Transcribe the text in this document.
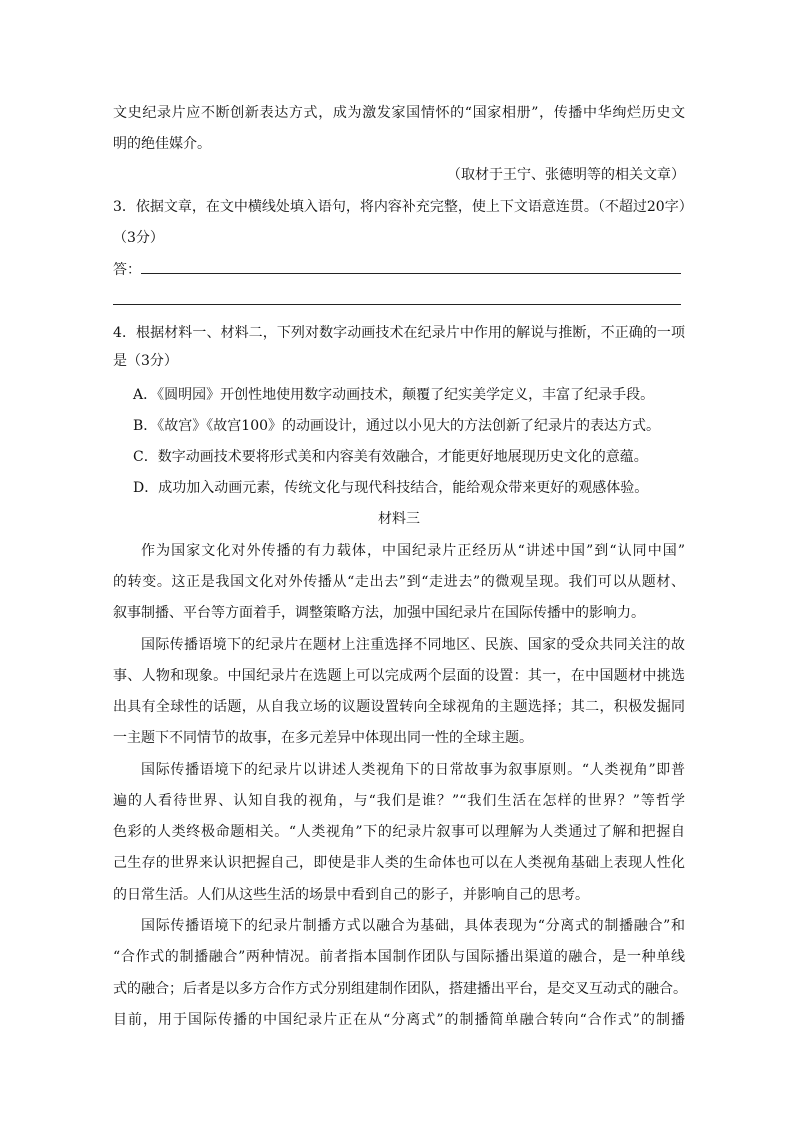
文史纪录片应不断创新表达方式，成为激发家国情怀的“国家相册”，传播中华绚烂历史文
明的绝佳媒介。
（取材于王宁、张德明等的相关文章）
3．依据文章，在文中横线处填入语句，将内容补充完整，使上下文语意连贯。（不超过20字）
（3分）
答：
4．根据材料一、材料二，下列对数字动画技术在纪录片中作用的解说与推断，不正确的一项
是（3分）
A．《圆明园》开创性地使用数字动画技术，颠覆了纪实美学定义，丰富了纪录手段。
B．《故宫》《故宫100》的动画设计，通过以小见大的方法创新了纪录片的表达方式。
C．数字动画技术要将形式美和内容美有效融合，才能更好地展现历史文化的意蕴。
D．成功加入动画元素，传统文化与现代科技结合，能给观众带来更好的观感体验。
材料三
作为国家文化对外传播的有力载体，中国纪录片正经历从“讲述中国”到“认同中国”
的转变。这正是我国文化对外传播从“走出去”到“走进去”的微观呈现。我们可以从题材、
叙事制播、平台等方面着手，调整策略方法，加强中国纪录片在国际传播中的影响力。
国际传播语境下的纪录片在题材上注重选择不同地区、民族、国家的受众共同关注的故
事、人物和现象。中国纪录片在选题上可以完成两个层面的设置：其一，在中国题材中挑选
出具有全球性的话题，从自我立场的议题设置转向全球视角的主题选择；其二，积极发掘同
一主题下不同情节的故事，在多元差异中体现出同一性的全球主题。
国际传播语境下的纪录片以讲述人类视角下的日常故事为叙事原则。“人类视角”即普
遍的人看待世界、认知自我的视角，与“我们是谁？”“我们生活在怎样的世界？”等哲学
色彩的人类终极命题相关。“人类视角”下的纪录片叙事可以理解为人类通过了解和把握自
己生存的世界来认识把握自己，即使是非人类的生命体也可以在人类视角基础上表现人性化
的日常生活。人们从这些生活的场景中看到自己的影子，并影响自己的思考。
国际传播语境下的纪录片制播方式以融合为基础，具体表现为“分离式的制播融合”和
“合作式的制播融合”两种情况。前者指本国制作团队与国际播出渠道的融合，是一种单线
式的融合；后者是以多方合作方式分别组建制作团队，搭建播出平台，是交叉互动式的融合。
目前，用于国际传播的中国纪录片正在从“分离式”的制播简单融合转向“合作式”的制播
